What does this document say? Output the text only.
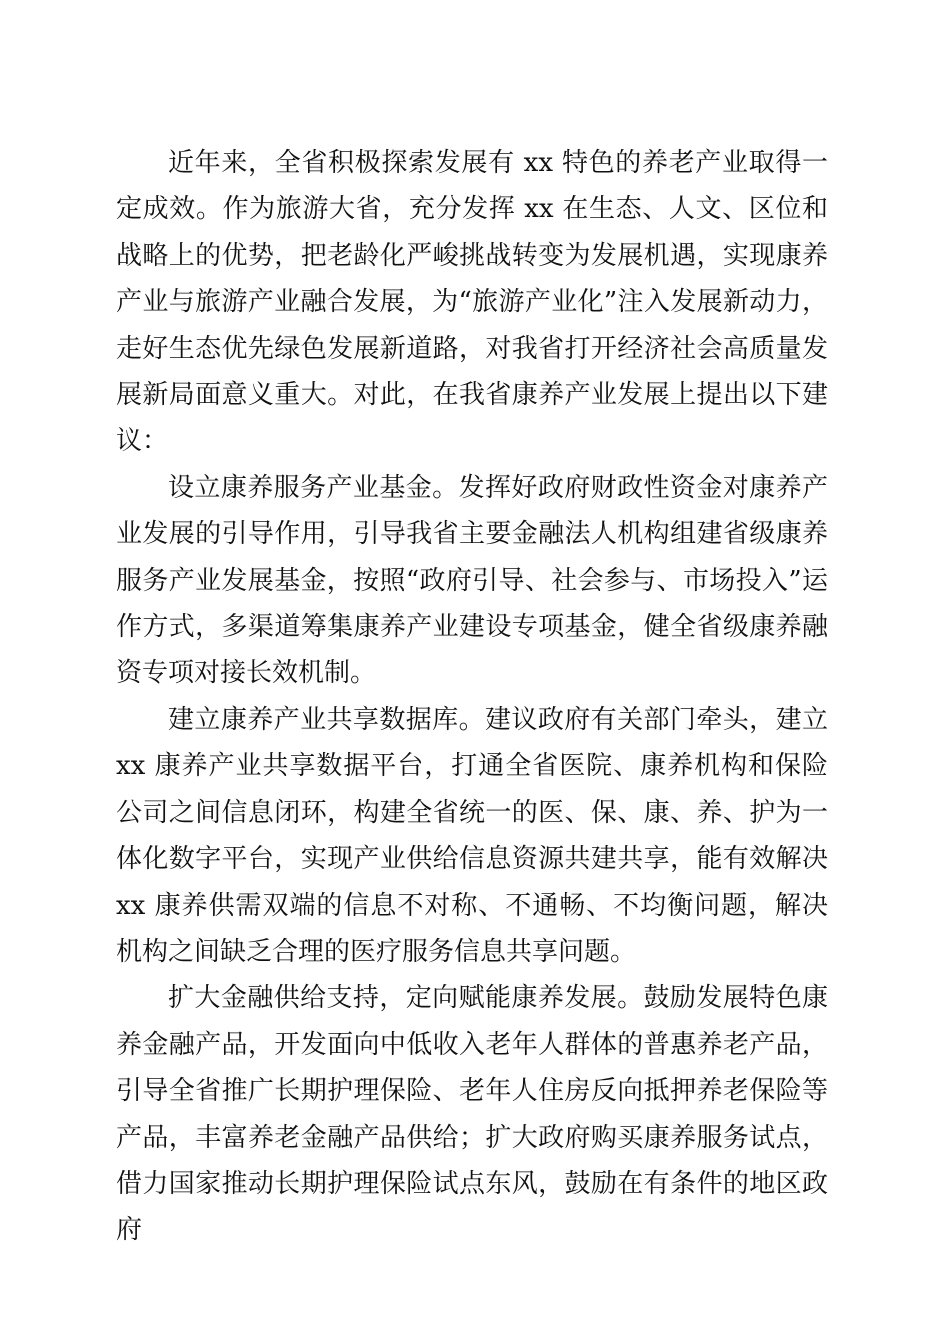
近年来，全省积极探索发展有 xx 特色的养老产业取得一定成效。作为旅游大省，充分发挥 xx 在生态、人文、区位和战略上的优势，把老龄化严峻挑战转变为发展机遇，实现康养产业与旅游产业融合发展，为“旅游产业化”注入发展新动力，走好生态优先绿色发展新道路，对我省打开经济社会高质量发展新局面意义重大。对此，在我省康养产业发展上提出以下建议：

设立康养服务产业基金。发挥好政府财政性资金对康养产业发展的引导作用，引导我省主要金融法人机构组建省级康养服务产业发展基金，按照“政府引导、社会参与、市场投入”运作方式，多渠道筹集康养产业建设专项基金，健全省级康养融资专项对接长效机制。

建立康养产业共享数据库。建议政府有关部门牵头，建立 xx 康养产业共享数据平台，打通全省医院、康养机构和保险公司之间信息闭环，构建全省统一的医、保、康、养、护为一体化数字平台，实现产业供给信息资源共建共享，能有效解决 xx 康养供需双端的信息不对称、不通畅、不均衡问题，解决机构之间缺乏合理的医疗服务信息共享问题。

扩大金融供给支持，定向赋能康养发展。鼓励发展特色康养金融产品，开发面向中低收入老年人群体的普惠养老产品，引导全省推广长期护理保险、老年人住房反向抵押养老保险等产品，丰富养老金融产品供给；扩大政府购买康养服务试点，借力国家推动长期护理保险试点东风，鼓励在有条件的地区政府
